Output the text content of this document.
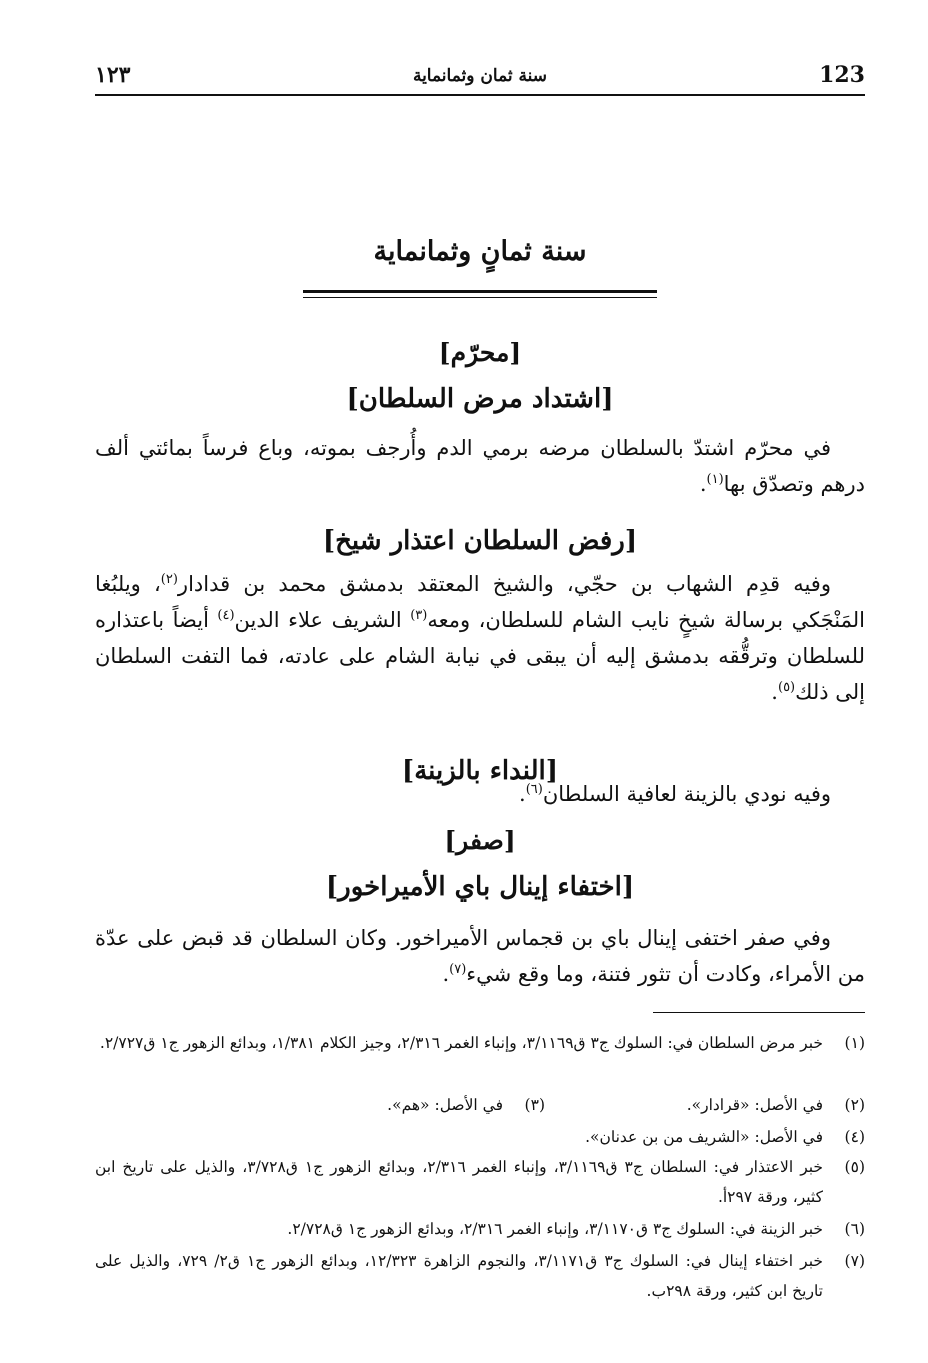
١٢٣	سنة ثمان وثمانماية	123
سنة ثمانٍ وثمانماية
[محرّم]
[اشتداد مرض السلطان]

في محرّم اشتدّ بالسلطان مرضه برمي الدم وأُرجف بموته، وباع فرساً بمائتي ألف درهم وتصدّق بها$^{(١)}$.

[رفض السلطان اعتذار شيخ]

وفيه قدِم الشهاب بن حجّي، والشيخ المعتقد بدمشق محمد بن قدادار$^{(٢)}$، ويلبُغا المَنْجَكي برسالة شيخٍ نايب الشام للسلطان، ومعه$^{(٣)}$ الشريف علاء الدين$^{(٤)}$ أيضاً باعتذاره للسلطان وترقُّقه بدمشق إليه أن يبقى في نيابة الشام على عادته، فما التفت السلطان إلى ذلك$^{(٥)}$.

[النداء بالزينة]

وفيه نودي بالزينة لعافية السلطان$^{(٦)}$.

[صفر]
[اختفاء إينال باي الأميراخور]

وفي صفر اختفى إينال باي بن قجماس الأميراخور. وكان السلطان قد قبض على عدّة من الأمراء، وكادت أن تثور فتنة، وما وقع شيء$^{(٧)}$.

(١)
خبر مرض السلطان في: السلوك ج٣ ق٣/١١٦٩، وإنباء الغمر ٢/٣١٦، وجيز الكلام ١/٣٨١، وبدائع الزهور ج١ ق٢/٧٢٧.
(٢)
في الأصل: «قرادار».
(٣)
في الأصل: «هم».
(٤)
في الأصل: «الشريف من بن عدنان».
(٥)
خبر الاعتذار في: السلطان ج٣ ق٣/١١٦٩، وإنباء الغمر ٢/٣١٦، وبدائع الزهور ج١ ق٣/٧٢٨، والذيل على تاريخ ابن كثير، ورقة ٢٩٧أ.
(٦)
خبر الزينة في: السلوك ج٣ ق٣/١١٧٠، وإنباء الغمر ٢/٣١٦، وبدائع الزهور ج١ ق٢/٧٢٨.
(٧)
خبر اختفاء إينال في: السلوك ج٣ ق٣/١١٧١، والنجوم الزاهرة ١٢/٣٢٣، وبدائع الزهور ج١ ق٢/ ٧٢٩، والذيل على تاريخ ابن كثير، ورقة ٢٩٨ب.
